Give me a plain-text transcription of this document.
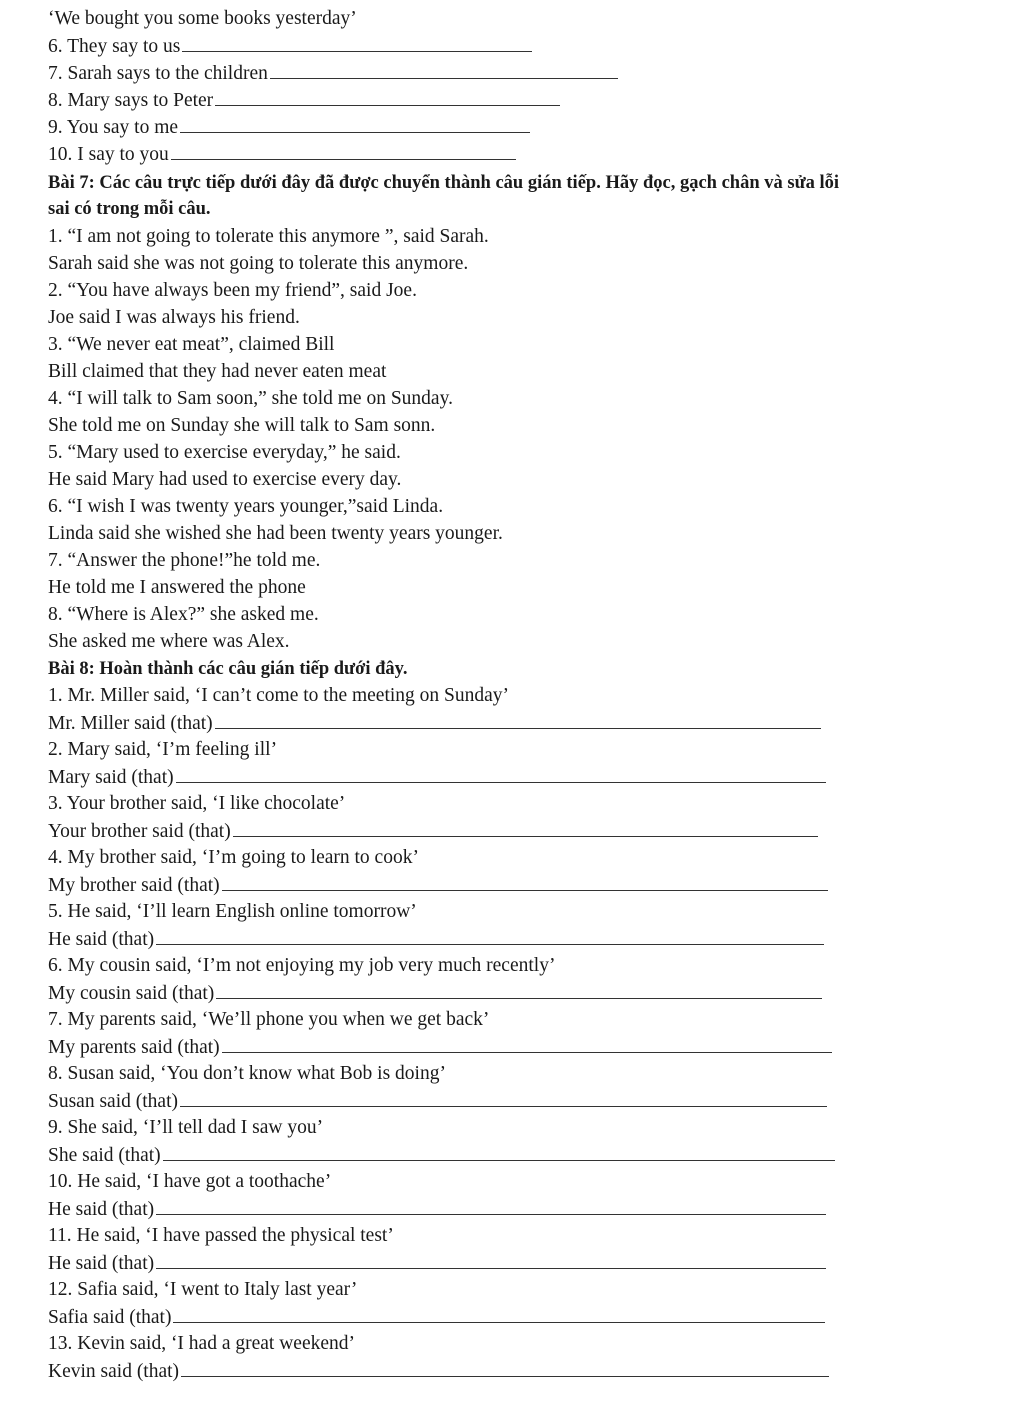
‘We bought you some books yesterday’
6. They say to us
7. Sarah says to the children
8. Mary says to Peter
9. You say to me
10. I say to you
Bài 7: Các câu trực tiếp dưới đây đã được chuyển thành câu gián tiếp. Hãy đọc, gạch chân và sửa lỗi
sai có trong mỗi câu.
1. “I am not going to tolerate this anymore ”, said Sarah.
Sarah said she was not going to tolerate this anymore.
2. “You have always been my friend”, said Joe.
Joe said I was always his friend.
3. “We never eat meat”, claimed Bill
Bill claimed that they had never eaten meat
4. “I will talk to Sam soon,” she told me on Sunday.
She told me on Sunday she will talk to Sam sonn.
5. “Mary used to exercise everyday,” he said.
He said Mary had used to exercise every day.
6. “I wish I was twenty years younger,”said Linda.
Linda said she wished she had been twenty years younger.
7. “Answer the phone!”he told me.
He told me I answered the phone
8. “Where is Alex?” she asked me.
She asked me where was Alex.
Bài 8: Hoàn thành các câu gián tiếp dưới đây.
1. Mr. Miller said, ‘I can’t come to the meeting on Sunday’
Mr. Miller said (that)
2. Mary said, ‘I’m feeling ill’
Mary said (that)
3. Your brother said, ‘I like chocolate’
Your brother said (that)
4. My brother said, ‘I’m going to learn to cook’
My brother said (that)
5. He said, ‘I’ll learn English online tomorrow’
He said (that)
6. My cousin said, ‘I’m not enjoying my job very much recently’
My cousin said (that)
7. My parents said, ‘We’ll phone you when we get back’
My parents said (that)
8. Susan said, ‘You don’t know what Bob is doing’
Susan said (that)
9. She said, ‘I’ll tell dad I saw you’
She said (that)
10. He said, ‘I have got a toothache’
He said (that)
11. He said, ‘I have passed the physical test’
He said (that)
12. Safia said, ‘I went to Italy last year’
Safia said (that)
13. Kevin said, ‘I had a great weekend’
Kevin said (that)
